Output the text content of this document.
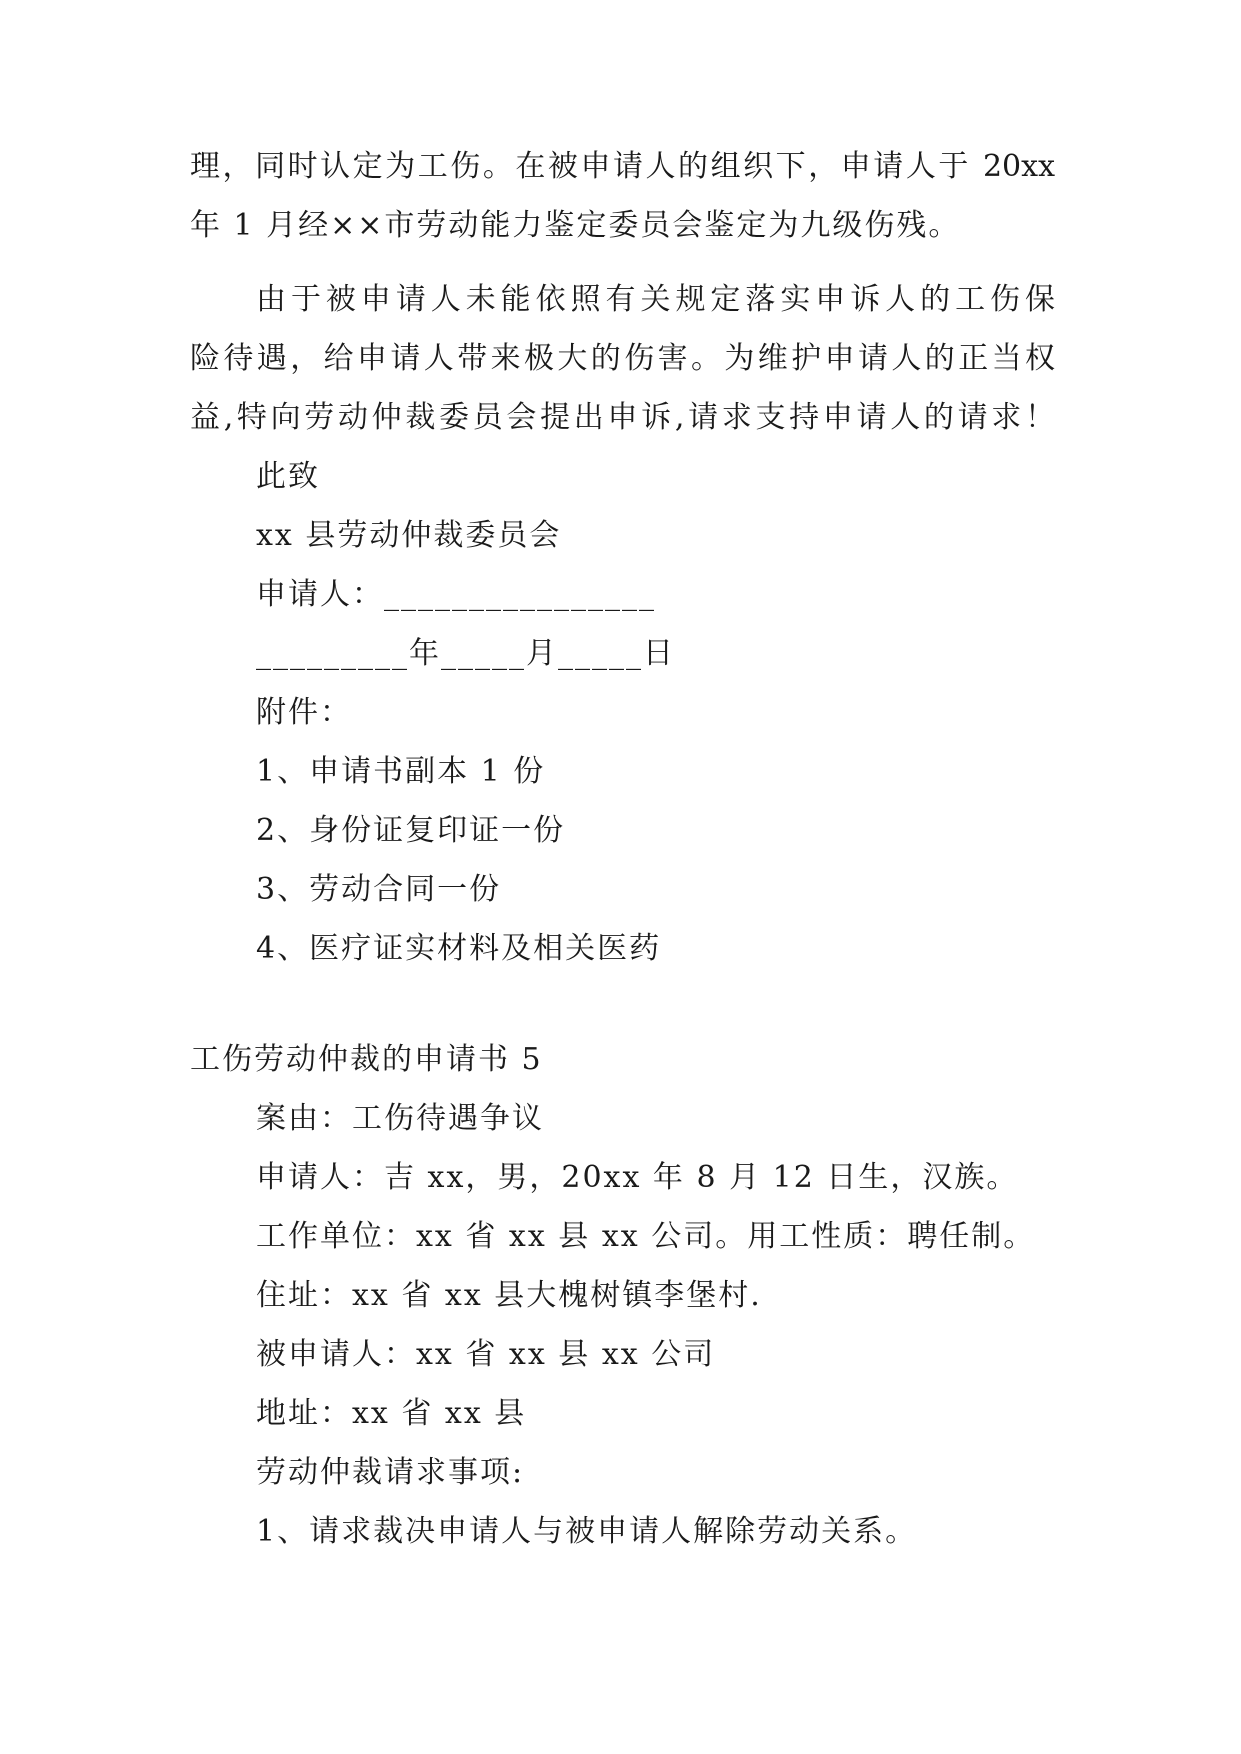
理，同时认定为工伤。在被申请人的组织下，申请人于 20xx
年 1 月经××市劳动能力鉴定委员会鉴定为九级伤残。
由于被申请人未能依照有关规定落实申诉人的工伤保
险待遇，给申请人带来极大的伤害。为维护申请人的正当权
益,特向劳动仲裁委员会提出申诉,请求支持申请人的请求！
此致
xx 县劳动仲裁委员会
申请人：________________
_________年_____月_____日
附件：
1、申请书副本 1 份
2、身份证复印证一份
3、劳动合同一份
4、医疗证实材料及相关医药
工伤劳动仲裁的申请书 5
案由：工伤待遇争议
申请人：吉 xx，男，20xx 年 8 月 12 日生，汉族。
工作单位：xx 省 xx 县 xx 公司。用工性质：聘任制。
住址：xx 省 xx 县大槐树镇李堡村.
被申请人：xx 省 xx 县 xx 公司
地址：xx 省 xx 县
劳动仲裁请求事项:
1、请求裁决申请人与被申请人解除劳动关系。
